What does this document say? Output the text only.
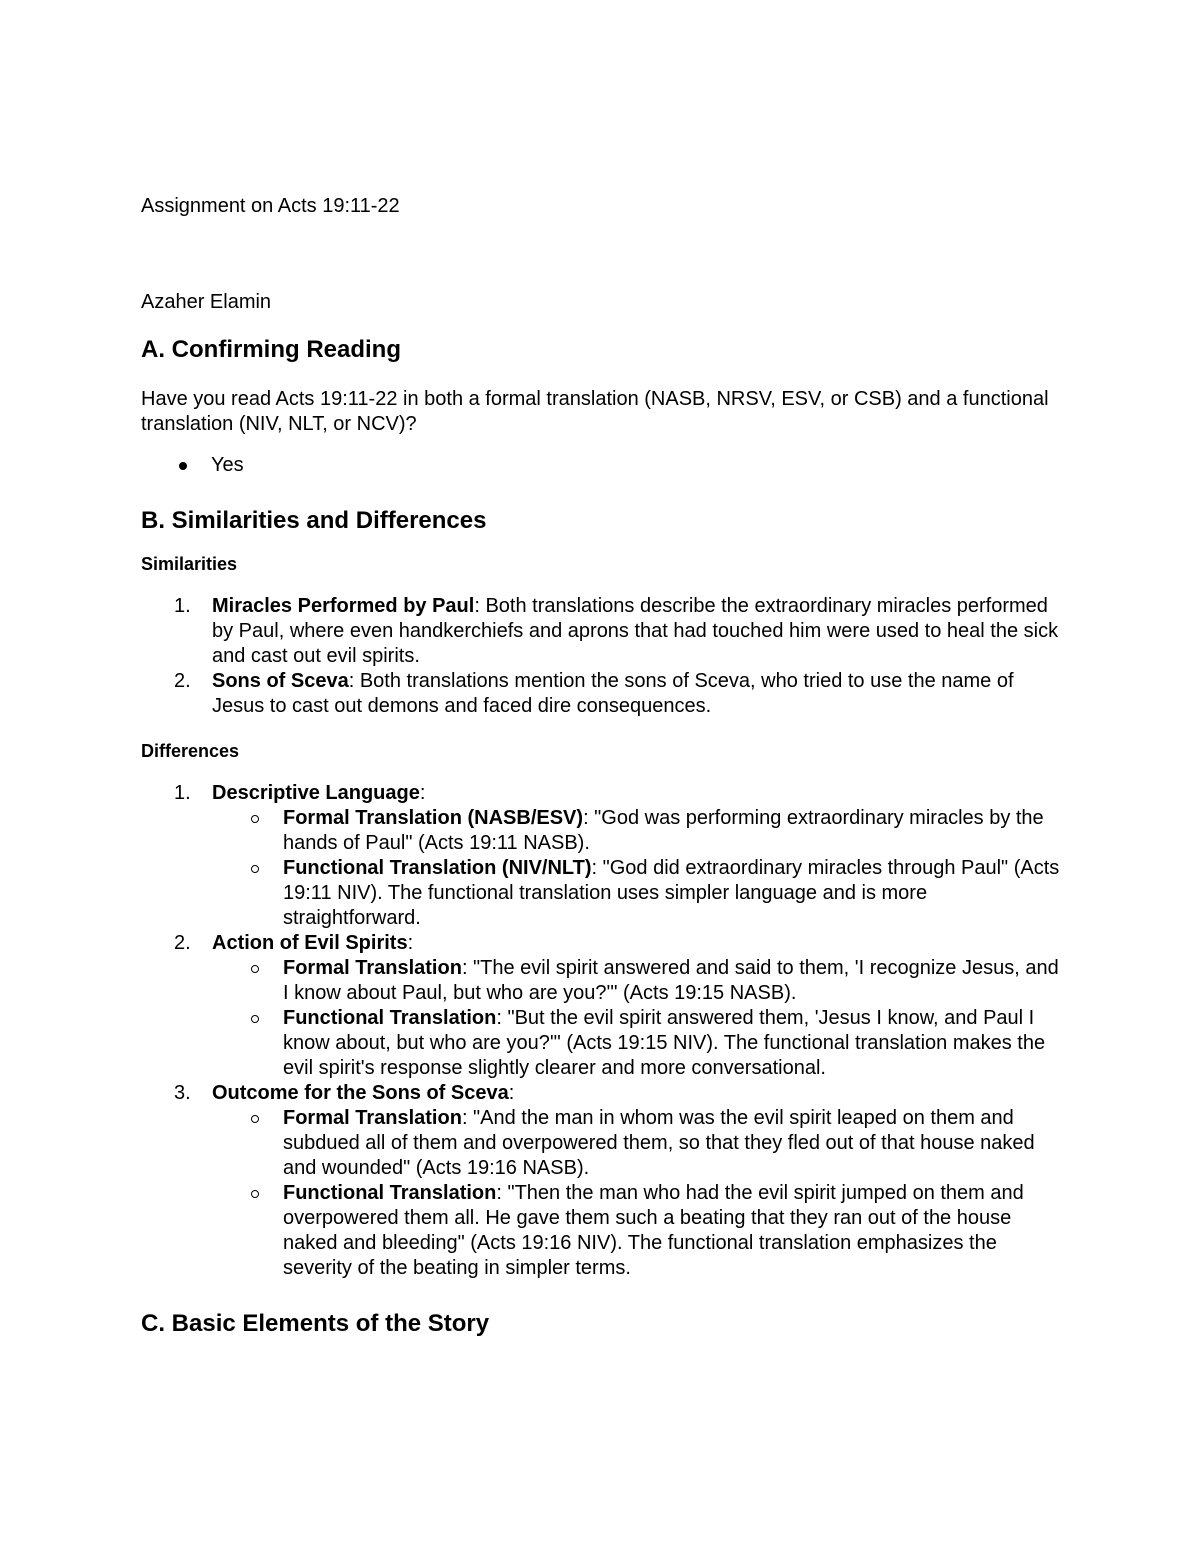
Assignment on Acts 19:11-22

Azaher Elamin

A. Confirming Reading

Have you read Acts 19:11-22 in both a formal translation (NASB, NRSV, ESV, or CSB) and a functional translation (NIV, NLT, or NCV)?

Yes
B. Similarities and Differences
Similarities
1. Miracles Performed by Paul: Both translations describe the extraordinary miracles performed by Paul, where even handkerchiefs and aprons that had touched him were used to heal the sick and cast out evil spirits.
2. Sons of Sceva: Both translations mention the sons of Sceva, who tried to use the name of Jesus to cast out demons and faced dire consequences.
Differences
1. Descriptive Language:
Formal Translation (NASB/ESV): "God was performing extraordinary miracles by the hands of Paul" (Acts 19:11 NASB).
Functional Translation (NIV/NLT): "God did extraordinary miracles through Paul" (Acts 19:11 NIV). The functional translation uses simpler language and is more straightforward.
2. Action of Evil Spirits:
Formal Translation: "The evil spirit answered and said to them, 'I recognize Jesus, and I know about Paul, but who are you?'" (Acts 19:15 NASB).
Functional Translation: "But the evil spirit answered them, 'Jesus I know, and Paul I know about, but who are you?'" (Acts 19:15 NIV). The functional translation makes the evil spirit's response slightly clearer and more conversational.
3. Outcome for the Sons of Sceva:
Formal Translation: "And the man in whom was the evil spirit leaped on them and subdued all of them and overpowered them, so that they fled out of that house naked and wounded" (Acts 19:16 NASB).
Functional Translation: "Then the man who had the evil spirit jumped on them and overpowered them all. He gave them such a beating that they ran out of the house naked and bleeding" (Acts 19:16 NIV). The functional translation emphasizes the severity of the beating in simpler terms.
C. Basic Elements of the Story
